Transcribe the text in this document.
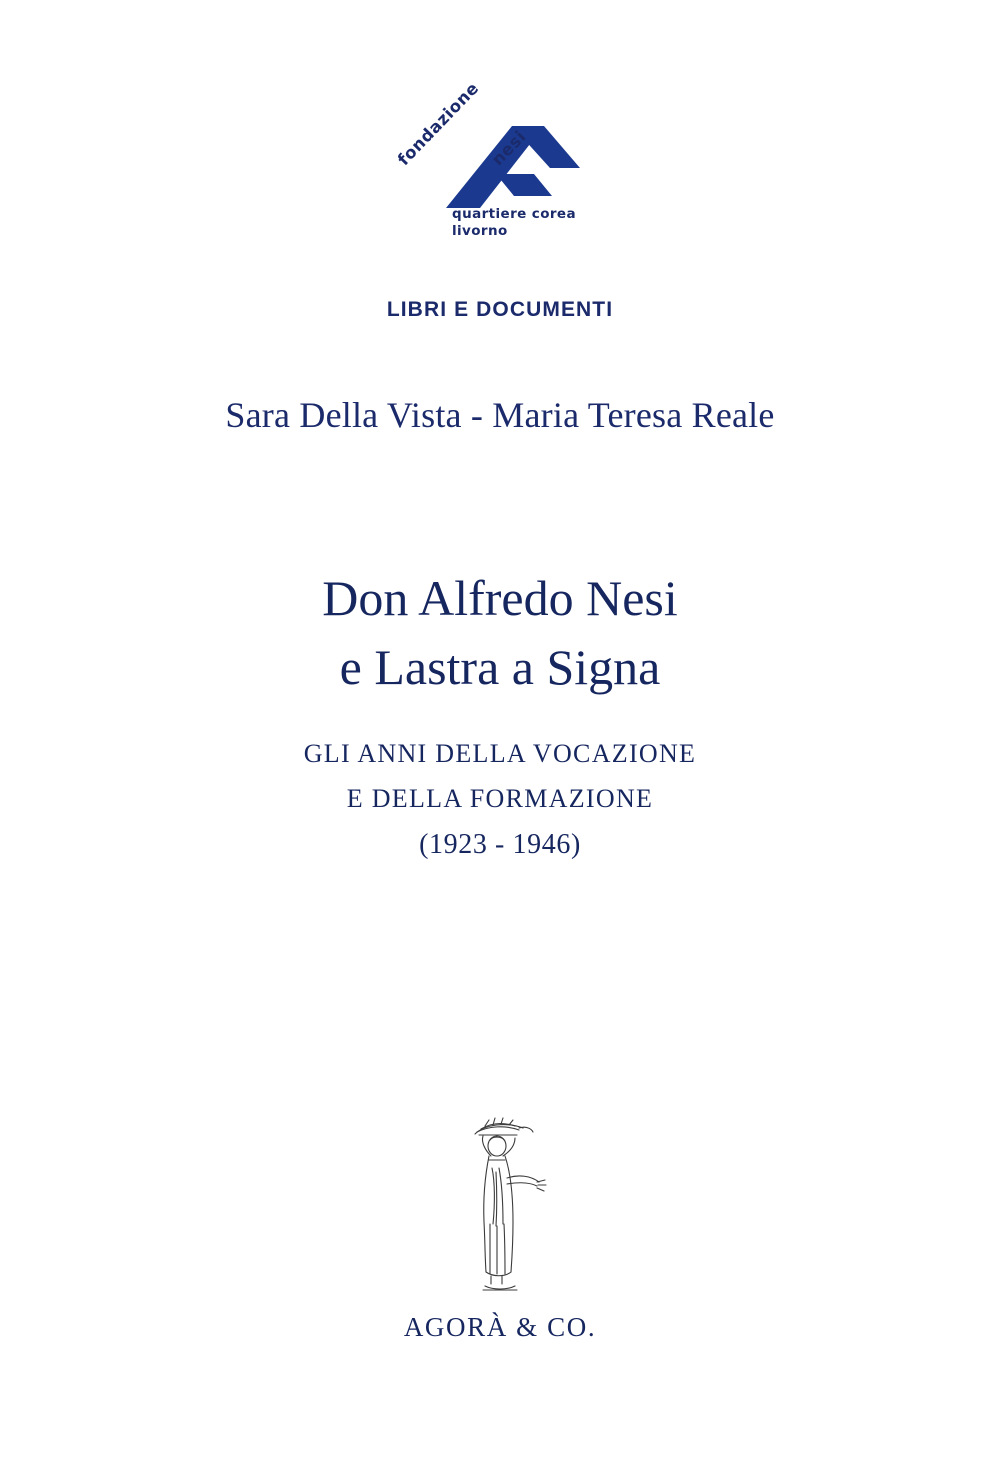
fondazione nesi
quartiere corea
livorno
LIBRI E DOCUMENTI
Sara Della Vista - Maria Teresa Reale
Don Alfredo Nesi
e Lastra a Signa
GLI ANNI DELLA VOCAZIONE
E DELLA FORMAZIONE
(1923 - 1946)
AGORÀ & CO.
